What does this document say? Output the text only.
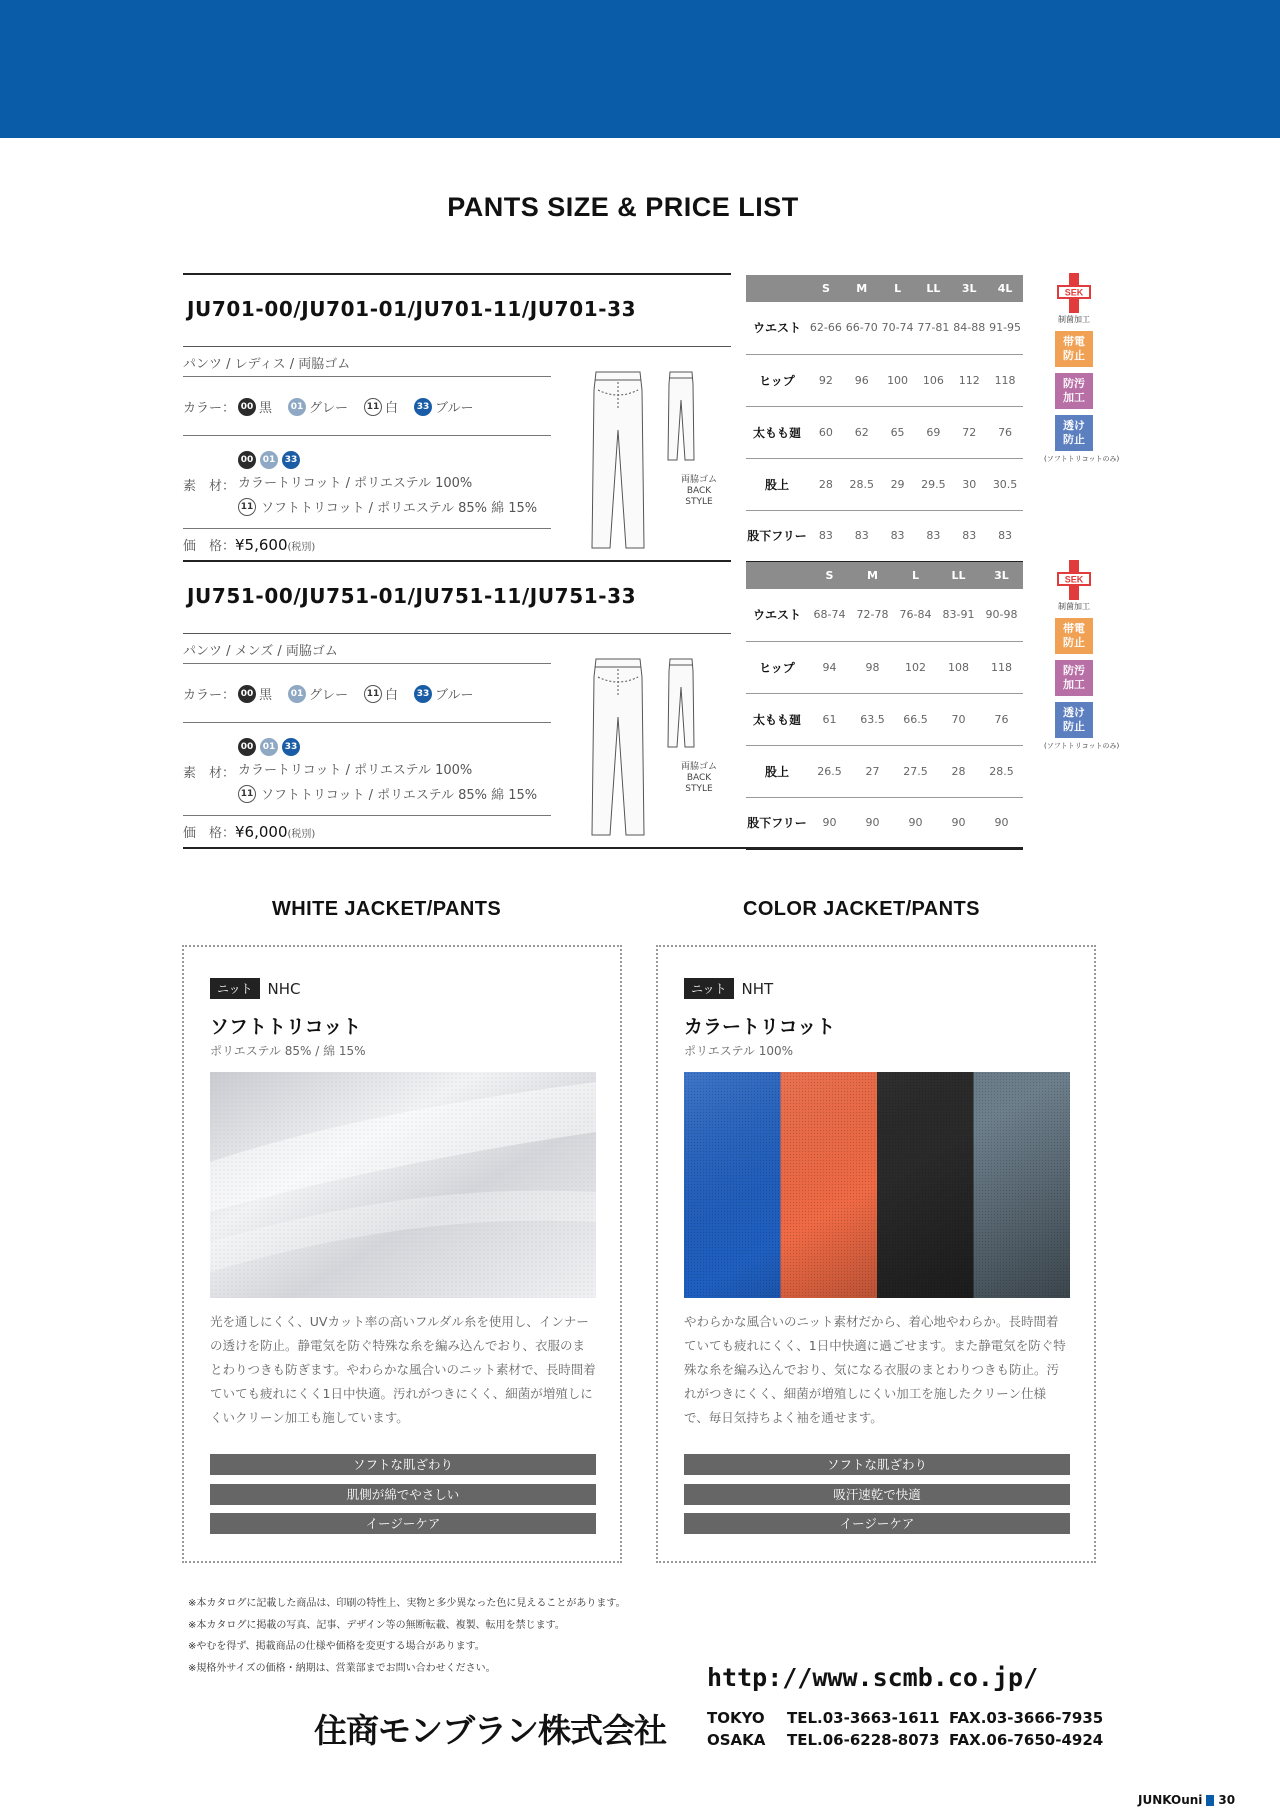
PANTS SIZE & PRICE LIST
JU701-00/JU701-01/JU701-11/JU701-33
パンツ / レディス / 両脇ゴム
カラー： 00 黒	01 グレー	11 白	33 ブルー
00	01	33
素　材： カラートリコット / ポリエステル 100%
11 ソフトトリコット / ポリエステル 85% 綿 15%
価　格：¥5,600(税別)
両脇ゴム
BACK
STYLE
	S	M	L	LL	3L	4L
ウエスト	62-66	66-70	70-74	77-81	84-88	91-95
ヒップ	92	96	100	106	112	118
太もも廻	60	62	65	69	72	76
股上	28	28.5	29	29.5	30	30.5
股下フリー	83	83	83	83	83	83
JU751-00/JU751-01/JU751-11/JU751-33
パンツ / メンズ / 両脇ゴム
カラー： 00 黒	01 グレー	11 白	33 ブルー
00	01	33
素　材： カラートリコット / ポリエステル 100%
11 ソフトトリコット / ポリエステル 85% 綿 15%
価　格：¥6,000(税別)
両脇ゴム
BACK
STYLE
	S	M	L	LL	3L
ウエスト	68-74	72-78	76-84	83-91	90-98
ヒップ	94	98	102	108	118
太もも廻	61	63.5	66.5	70	76
股上	26.5	27	27.5	28	28.5
股下フリー	90	90	90	90	90
SEK
制菌加工
帯電
防止
防汚
加工
透け
防止
(ソフトトリコットのみ)
SEK
制菌加工
帯電
防止
防汚
加工
透け
防止
(ソフトトリコットのみ)
WHITE JACKET/PANTS	COLOR JACKET/PANTS
ニット	NHC
ソフトトリコット
ポリエステル 85% / 綿 15%
光を通しにくく、UVカット率の高いフルダル糸を使用し、インナーの透けを防止。静電気を防ぐ特殊な糸を編み込んでおり、衣服のまとわりつきも防ぎます。やわらかな風合いのニット素材で、長時間着ていても疲れにくく1日中快適。汚れがつきにくく、細菌が増殖しにくいクリーン加工も施しています。
ソフトな肌ざわり
肌側が綿でやさしい
イージーケア
ニット	NHT
カラートリコット
ポリエステル 100%
やわらかな風合いのニット素材だから、着心地やわらか。長時間着ていても疲れにくく、1日中快適に過ごせます。また静電気を防ぐ特殊な糸を編み込んでおり、気になる衣服のまとわりつきも防止。汚れがつきにくく、細菌が増殖しにくい加工を施したクリーン仕様で、毎日気持ちよく袖を通せます。
ソフトな肌ざわり
吸汗速乾で快適
イージーケア
※本カタログに記載した商品は、印刷の特性上、実物と多少異なった色に見えることがあります。
※本カタログに掲載の写真、記事、デザイン等の無断転載、複製、転用を禁じます。
※やむを得ず、掲載商品の仕様や価格を変更する場合があります。
※規格外サイズの価格・納期は、営業部までお問い合わせください。	http://www.scmb.co.jp/
住商モンブラン株式会社	TOKYO	TEL.03-3663-1611 FAX.03-3666-7935
OSAKA	TEL.06-6228-8073 FAX.06-7650-4924
JUNKOuni 30
